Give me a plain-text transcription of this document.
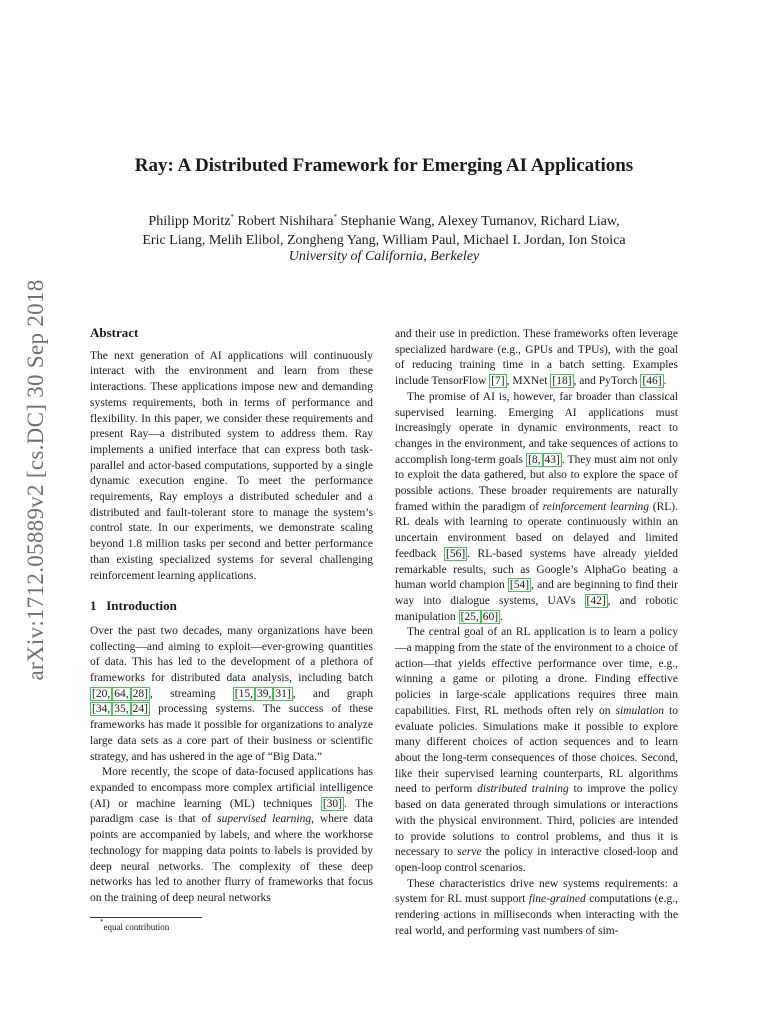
arXiv:1712.05889v2 [cs.DC] 30 Sep 2018
Ray: A Distributed Framework for Emerging AI Applications
Philipp Moritz* Robert Nishihara* Stephanie Wang, Alexey Tumanov, Richard Liaw,
Eric Liang, Melih Elibol, Zongheng Yang, William Paul, Michael I. Jordan, Ion Stoica
University of California, Berkeley
Abstract

The next generation of AI applications will continuously interact with the environment and learn from these interactions. These applications impose new and demanding systems requirements, both in terms of performance and flexibility. In this paper, we consider these requirements and present Ray—a distributed system to address them. Ray implements a unified interface that can express both task-parallel and actor-based computations, supported by a single dynamic execution engine. To meet the performance requirements, Ray employs a distributed scheduler and a distributed and fault-tolerant store to manage the system’s control state. In our experiments, we demonstrate scaling beyond 1.8 million tasks per second and better performance than existing specialized systems for several challenging reinforcement learning applications.

1 Introduction

Over the past two decades, many organizations have been collecting—and aiming to exploit—ever-growing quantities of data. This has led to the development of a plethora of frameworks for distributed data analysis, including batch [20, 64, 28] , streaming [15, 39, 31] , and graph [34, 35, 24] processing systems. The success of these frameworks has made it possible for organizations to analyze large data sets as a core part of their business or scientific strategy, and has ushered in the age of “Big Data.”

More recently, the scope of data-focused applications has expanded to encompass more complex artificial intelligence (AI) or machine learning (ML) techniques [30] . The paradigm case is that of supervised learning, where data points are accompanied by labels, and where the workhorse technology for mapping data points to labels is provided by deep neural networks. The complexity of these deep networks has led to another flurry of frameworks that focus on the training of deep neural networks

and their use in prediction. These frameworks often leverage specialized hardware (e.g., GPUs and TPUs), with the goal of reducing training time in a batch setting. Examples include TensorFlow [7] , MXNet [18] , and PyTorch [46] .

The promise of AI is, however, far broader than classical supervised learning. Emerging AI applications must increasingly operate in dynamic environments, react to changes in the environment, and take sequences of actions to accomplish long-term goals [8, 43] . They must aim not only to exploit the data gathered, but also to explore the space of possible actions. These broader requirements are naturally framed within the paradigm of reinforcement learning (RL). RL deals with learning to operate continuously within an uncertain environment based on delayed and limited feedback [56] . RL-based systems have already yielded remarkable results, such as Google’s AlphaGo beating a human world champion [54] , and are beginning to find their way into dialogue systems, UAVs [42] , and robotic manipulation [25, 60] .

The central goal of an RL application is to learn a policy—a mapping from the state of the environment to a choice of action—that yields effective performance over time, e.g., winning a game or piloting a drone. Finding effective policies in large-scale applications requires three main capabilities. First, RL methods often rely on simulation to evaluate policies. Simulations make it possible to explore many different choices of action sequences and to learn about the long-term consequences of those choices. Second, like their supervised learning counterparts, RL algorithms need to perform distributed training to improve the policy based on data generated through simulations or interactions with the physical environment. Third, policies are intended to provide solutions to control problems, and thus it is necessary to serve the policy in interactive closed-loop and open-loop control scenarios.

These characteristics drive new systems requirements: a system for RL must support fine-grained computations (e.g., rendering actions in milliseconds when interacting with the real world, and performing vast numbers of sim-

*equal contribution
